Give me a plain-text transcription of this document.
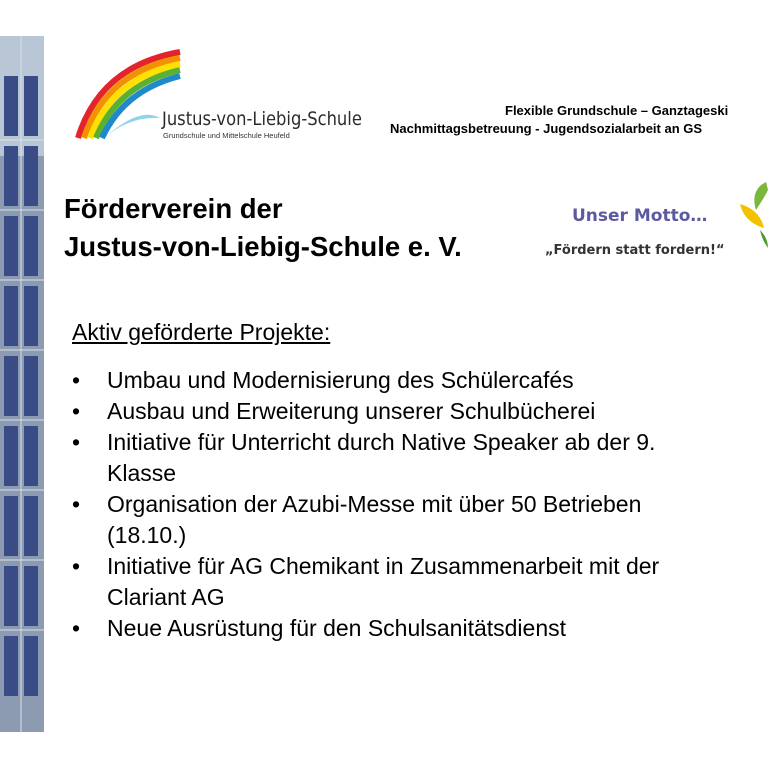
Justus-von-Liebig-Schule
Grundschule und Mittelschule Heufeld
Flexible Grundschule – Ganztageski
Nachmittagsbetreuung - Jugendsozialarbeit an GS
Förderverein der
Justus-von-Liebig-Schule e. V.
Unser Motto…
„Fördern statt fordern!“
Aktiv geförderte Projekte:
• Umbau und Modernisierung des Schülercafés
• Ausbau und Erweiterung unserer Schulbücherei
• Initiative für Unterricht durch Native Speaker ab der 9.
Klasse
• Organisation der Azubi-Messe mit über 50 Betrieben
(18.10.)
• Initiative für AG Chemikant in Zusammenarbeit mit der
Clariant AG
• Neue Ausrüstung für den Schulsanitätsdienst
